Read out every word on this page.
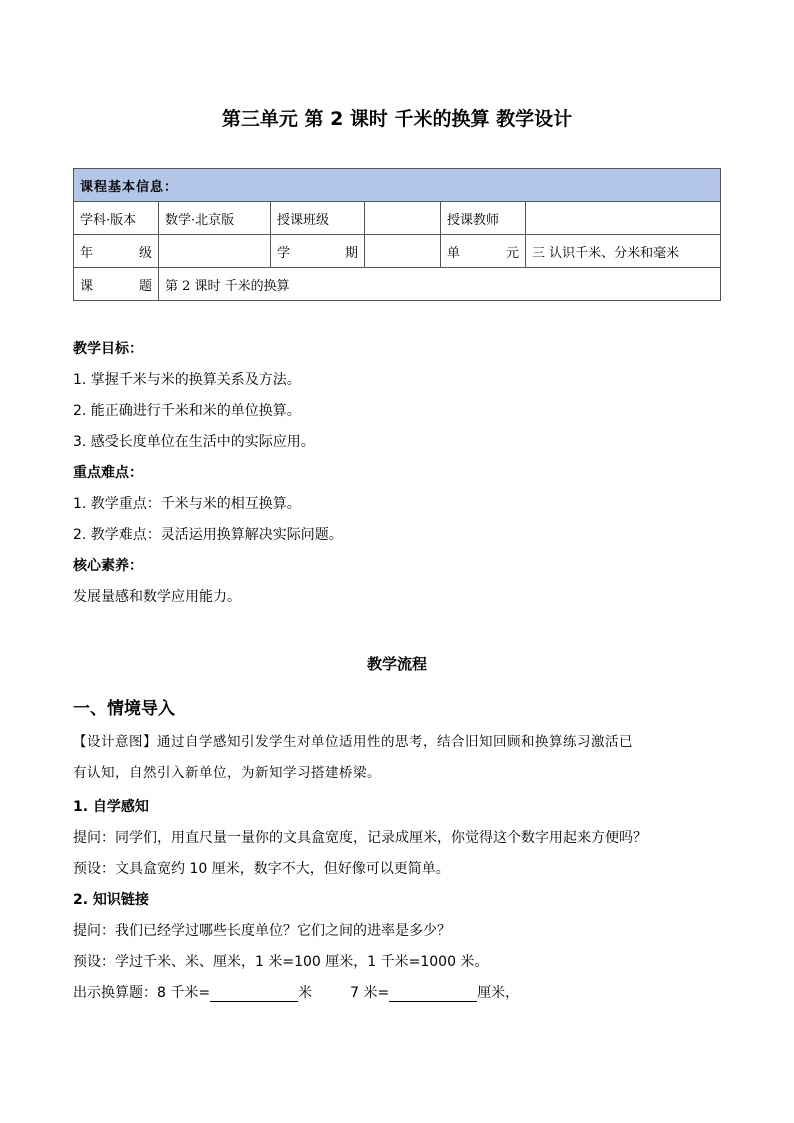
第三单元 第 2 课时 千米的换算 教学设计
课程基本信息：					
学科·版本	数学·北京版	授课班级		授课教师	

年 级		学 期		单 元	三 认识千米、分米和毫米

课 题	第 2 课时 千米的换算				
教学目标：
1. 掌握千米与米的换算关系及方法。
2. 能正确进行千米和米的单位换算。
3. 感受长度单位在生活中的实际应用。
重点难点：
1. 教学重点：千米与米的相互换算。
2. 教学难点：灵活运用换算解决实际问题。
核心素养：
发展量感和数学应用能力。
教学流程
一、情境导入
【设计意图】通过自学感知引发学生对单位适用性的思考，结合旧知回顾和换算练习激活已
有认知，自然引入新单位，为新知学习搭建桥梁。
1. 自学感知
提问：同学们，用直尺量一量你的文具盒宽度，记录成厘米，你觉得这个数字用起来方便吗？
预设：文具盒宽约 10 厘米，数字不大，但好像可以更简单。
2. 知识链接
提问：我们已经学过哪些长度单位？它们之间的进率是多少？
预设：学过千米、米、厘米，1 米=100 厘米，1 千米=1000 米。
出示换算题：8 千米=	米	7 米=	厘米，
